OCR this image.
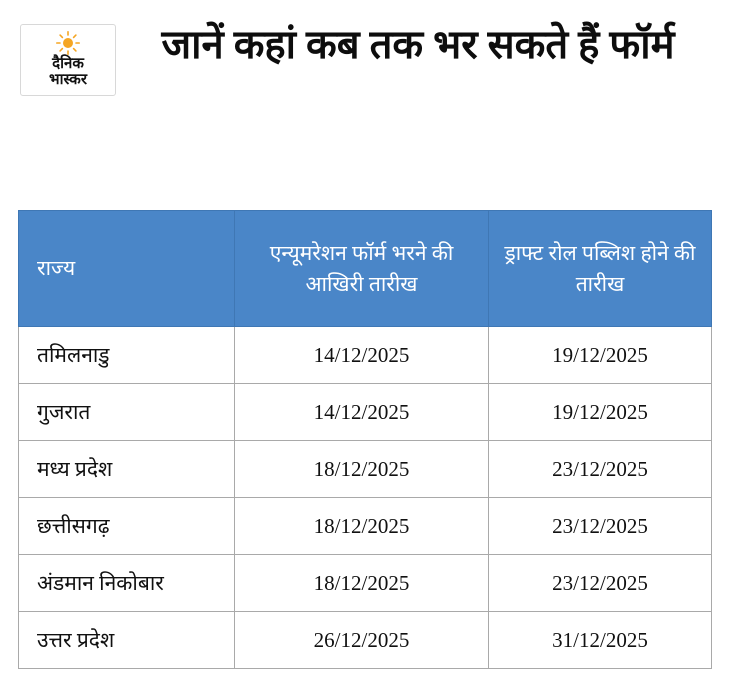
दैनिक
भास्कर
जानें कहां कब तक भर सकते हैं फॉर्म
राज्य	एन्यूमरेशन फॉर्म भरने की आखिरी तारीख	ड्राफ्ट रोल पब्लिश होने की तारीख
तमिलनाडु	14/12/2025	19/12/2025
गुजरात	14/12/2025	19/12/2025
मध्य प्रदेश	18/12/2025	23/12/2025
छत्तीसगढ़	18/12/2025	23/12/2025
अंडमान निकोबार	18/12/2025	23/12/2025
उत्तर प्रदेश	26/12/2025	31/12/2025
